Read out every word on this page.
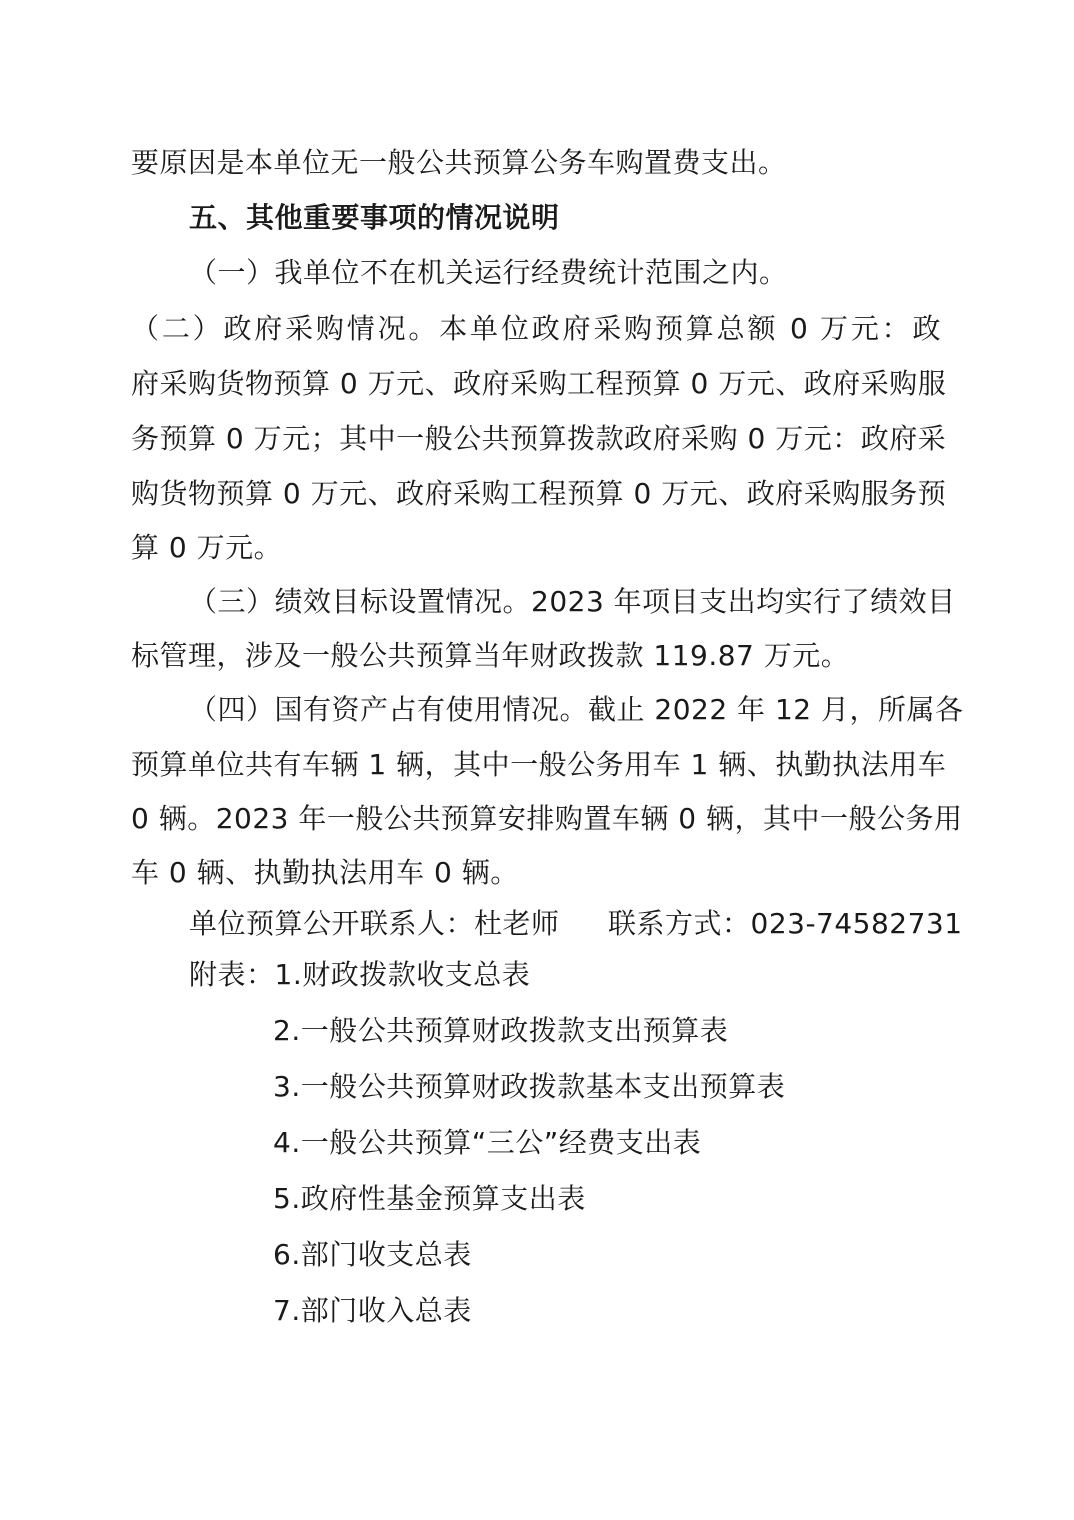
要原因是本单位无一般公共预算公务车购置费支出。
五、其他重要事项的情况说明
（一）我单位不在机关运行经费统计范围之内。
（二）政府采购情况。本单位政府采购预算总额 0 万元：政
府采购货物预算 0 万元、政府采购工程预算 0 万元、政府采购服
务预算 0 万元；其中一般公共预算拨款政府采购 0 万元：政府采
购货物预算 0 万元、政府采购工程预算 0 万元、政府采购服务预
算 0 万元。
（三）绩效目标设置情况。2023 年项目支出均实行了绩效目
标管理，涉及一般公共预算当年财政拨款 119.87 万元。
（四）国有资产占有使用情况。截止 2022 年 12 月，所属各
预算单位共有车辆 1 辆，其中一般公务用车 1 辆、执勤执法用车
0 辆。2023 年一般公共预算安排购置车辆 0 辆，其中一般公务用
车 0 辆、执勤执法用车 0 辆。
单位预算公开联系人：杜老师 联系方式：023-74582731
附表：1.财政拨款收支总表
2.一般公共预算财政拨款支出预算表
3.一般公共预算财政拨款基本支出预算表
4.一般公共预算“三公”经费支出表
5.政府性基金预算支出表
6.部门收支总表
7.部门收入总表
